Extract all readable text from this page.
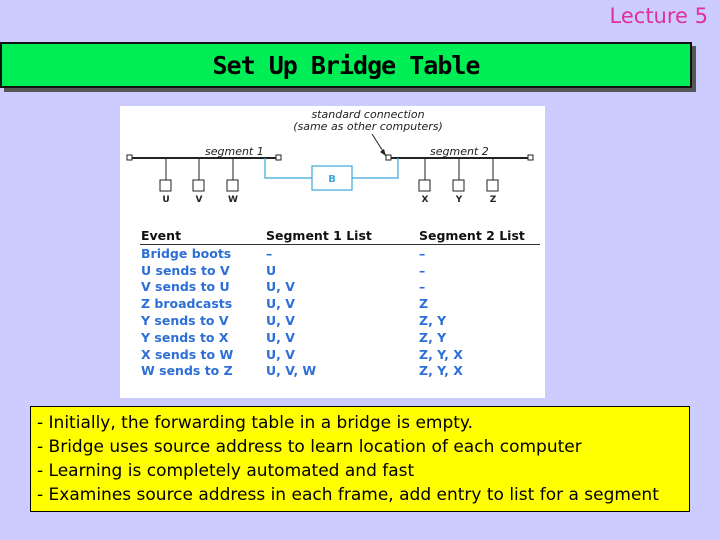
Lecture 5
Set Up Bridge Table
standard connection
(same as other computers)
segment 1	segment 2
B
U	V	W	X	Y	Z
Event	Segment 1 List	Segment 2 List
Bridge boots	–	–
U sends to V	U	–
V sends to U	U, V	–
Z broadcasts	U, V	Z
Y sends to V	U, V	Z, Y
Y sends to X	U, V	Z, Y
X sends to W	U, V	Z, Y, X
W sends to Z	U, V, W	Z, Y, X
- Initially, the forwarding table in a bridge is empty.
- Bridge uses source address to learn location of each computer
- Learning is completely automated and fast
- Examines source address in each frame, add entry to list for a segment
